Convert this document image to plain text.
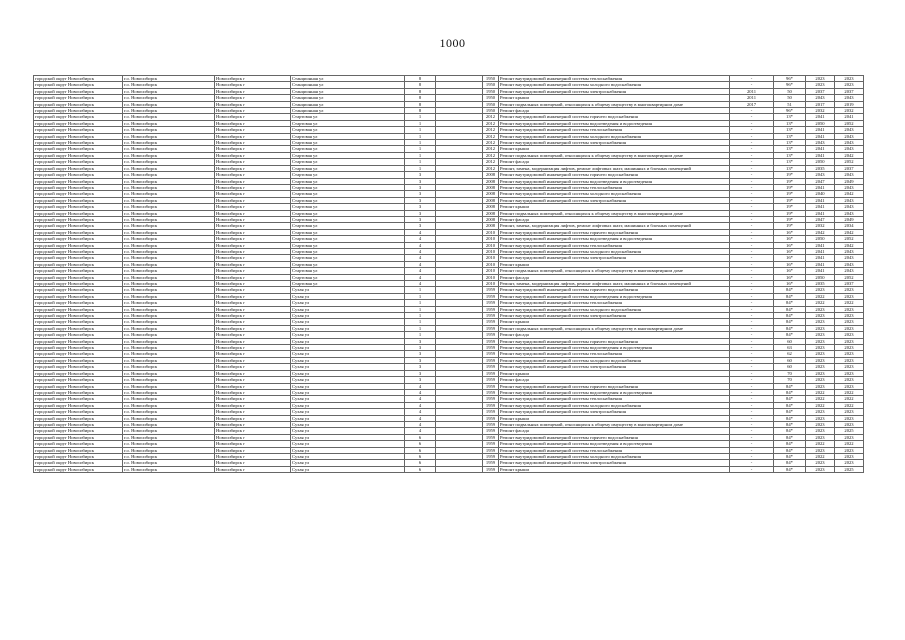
1000
городской округ Новосибирск	г.о. Новосибирск	Новосибирск г	Станционная ул	8		1950	Ремонт внутридомовой инженерной системы теплоснабжения	-	96*	2023	2023
городской округ Новосибирск	г.о. Новосибирск	Новосибирск г	Станционная ул	8		1950	Ремонт внутридомовой инженерной системы холодного водоснабжения	-	96*	2023	2023
городской округ Новосибирск	г.о. Новосибирск	Новосибирск г	Станционная ул	8		1950	Ремонт внутридомовой инженерной системы электроснабжения	2011	50	2037	2037
городской округ Новосибирск	г.о. Новосибирск	Новосибирск г	Станционная ул	8		1950	Ремонт крыши	2011	50	2043	2043
городской округ Новосибирск	г.о. Новосибирск	Новосибирск г	Станционная ул	8		1950	Ремонт подвальных помещений, относящихся к общему имуществу в многоквартирном доме	2017	51	2017	2019
городской округ Новосибирск	г.о. Новосибирск	Новосибирск г	Станционная ул	8		1950	Ремонт фасада	-	96*	2032	2032
городской округ Новосибирск	г.о. Новосибирск	Новосибирск г	Стартовая ул	1		2012	Ремонт внутридомовой инженерной системы горячего водоснабжения	-	13*	2041	2041
городской округ Новосибирск	г.о. Новосибирск	Новосибирск г	Стартовая ул	1		2012	Ремонт внутридомовой инженерной системы водоотведения и водоотведения	-	13*	2050	2052
городской округ Новосибирск	г.о. Новосибирск	Новосибирск г	Стартовая ул	1		2012	Ремонт внутридомовой инженерной системы теплоснабжения	-	13*	2041	2043
городской округ Новосибирск	г.о. Новосибирск	Новосибирск г	Стартовая ул	1		2012	Ремонт внутридомовой инженерной системы холодного водоснабжения	-	13*	2041	2043
городской округ Новосибирск	г.о. Новосибирск	Новосибирск г	Стартовая ул	1		2012	Ремонт внутридомовой инженерной системы электроснабжения	-	13*	2043	2043
городской округ Новосибирск	г.о. Новосибирск	Новосибирск г	Стартовая ул	1		2012	Ремонт крыши	-	13*	2041	2043
городской округ Новосибирск	г.о. Новосибирск	Новосибирск г	Стартовая ул	1		2012	Ремонт подвальных помещений, относящихся к общему имуществу в многоквартирном доме	-	13*	2041	2042
городской округ Новосибирск	г.о. Новосибирск	Новосибирск г	Стартовая ул	1		2012	Ремонт фасада	-	13*	2050	2052
городской округ Новосибирск	г.о. Новосибирск	Новосибирск г	Стартовая ул	1		2012	Ремонт, замена, модернизация лифтов, ремонт лифтовых шахт, машинных и блочных помещений	-	13*	2035	2037
городской округ Новосибирск	г.о. Новосибирск	Новосибирск г	Стартовая ул	3		2008	Ремонт внутридомовой инженерной системы горячего водоснабжения	-	19*	2043	2043
городской округ Новосибирск	г.о. Новосибирск	Новосибирск г	Стартовая ул	3		2008	Ремонт внутридомовой инженерной системы водоотведения и водоотведения	-	19*	2047	2049
городской округ Новосибирск	г.о. Новосибирск	Новосибирск г	Стартовая ул	3		2008	Ремонт внутридомовой инженерной системы теплоснабжения	-	19*	2041	2043
городской округ Новосибирск	г.о. Новосибирск	Новосибирск г	Стартовая ул	3		2008	Ремонт внутридомовой инженерной системы холодного водоснабжения	-	19*	2040	2042
городской округ Новосибирск	г.о. Новосибирск	Новосибирск г	Стартовая ул	3		2008	Ремонт внутридомовой инженерной системы электроснабжения	-	19*	2041	2043
городской округ Новосибирск	г.о. Новосибирск	Новосибирск г	Стартовая ул	3		2008	Ремонт крыши	-	19*	2041	2043
городской округ Новосибирск	г.о. Новосибирск	Новосибирск г	Стартовая ул	3		2008	Ремонт подвальных помещений, относящихся к общему имуществу в многоквартирном доме	-	19*	2041	2043
городской округ Новосибирск	г.о. Новосибирск	Новосибирск г	Стартовая ул	3		2008	Ремонт фасада	-	19*	2047	2049
городской округ Новосибирск	г.о. Новосибирск	Новосибирск г	Стартовая ул	3		2008	Ремонт, замена, модернизация лифтов, ремонт лифтовых шахт, машинных и блочных помещений	-	19*	2032	2034
городской округ Новосибирск	г.о. Новосибирск	Новосибирск г	Стартовая ул	4		2010	Ремонт внутридомовой инженерной системы горячего водоснабжения	-	16*	2042	2042
городской округ Новосибирск	г.о. Новосибирск	Новосибирск г	Стартовая ул	4		2010	Ремонт внутридомовой инженерной системы водоотведения и водоотведения	-	16*	2050	2052
городской округ Новосибирск	г.о. Новосибирск	Новосибирск г	Стартовая ул	4		2010	Ремонт внутридомовой инженерной системы теплоснабжения	-	16*	2041	2042
городской округ Новосибирск	г.о. Новосибирск	Новосибирск г	Стартовая ул	4		2010	Ремонт внутридомовой инженерной системы холодного водоснабжения	-	16*	2041	2043
городской округ Новосибирск	г.о. Новосибирск	Новосибирск г	Стартовая ул	4		2010	Ремонт внутридомовой инженерной системы электроснабжения	-	16*	2041	2043
городской округ Новосибирск	г.о. Новосибирск	Новосибирск г	Стартовая ул	4		2010	Ремонт крыши	-	16*	2041	2043
городской округ Новосибирск	г.о. Новосибирск	Новосибирск г	Стартовая ул	4		2010	Ремонт подвальных помещений, относящихся к общему имуществу в многоквартирном доме	-	16*	2041	2043
городской округ Новосибирск	г.о. Новосибирск	Новосибирск г	Стартовая ул	4		2010	Ремонт фасада	-	16*	2050	2052
городской округ Новосибирск	г.о. Новосибирск	Новосибирск г	Стартовая ул	4		2010	Ремонт, замена, модернизация лифтов, ремонт лифтовых шахт, машинных и блочных помещений	-	16*	2035	2037
городской округ Новосибирск	г.о. Новосибирск	Новосибирск г	Сухая ул	1		1959	Ремонт внутридомовой инженерной системы горячего водоснабжения	-	84*	2023	2023
городской округ Новосибирск	г.о. Новосибирск	Новосибирск г	Сухая ул	1		1959	Ремонт внутридомовой инженерной системы водоотведения и водоотведения	-	84*	2022	2023
городской округ Новосибирск	г.о. Новосибирск	Новосибирск г	Сухая ул	1		1959	Ремонт внутридомовой инженерной системы теплоснабжения	-	84*	2022	2022
городской округ Новосибирск	г.о. Новосибирск	Новосибирск г	Сухая ул	1		1959	Ремонт внутридомовой инженерной системы холодного водоснабжения	-	84*	2023	2023
городской округ Новосибирск	г.о. Новосибирск	Новосибирск г	Сухая ул	1		1959	Ремонт внутридомовой инженерной системы электроснабжения	-	84*	2023	2023
городской округ Новосибирск	г.о. Новосибирск	Новосибирск г	Сухая ул	1		1959	Ремонт крыши	-	84*	2023	2023
городской округ Новосибирск	г.о. Новосибирск	Новосибирск г	Сухая ул	1		1959	Ремонт подвальных помещений, относящихся к общему имуществу в многоквартирном доме	-	84*	2023	2023
городской округ Новосибирск	г.о. Новосибирск	Новосибирск г	Сухая ул	1		1959	Ремонт фасада	-	84*	2023	2023
городской округ Новосибирск	г.о. Новосибирск	Новосибирск г	Сухая ул	3		1959	Ремонт внутридомовой инженерной системы горячего водоснабжения	-	60	2023	2023
городской округ Новосибирск	г.о. Новосибирск	Новосибирск г	Сухая ул	3		1959	Ремонт внутридомовой инженерной системы водоотведения и водоотведения	-	63	2023	2023
городской округ Новосибирск	г.о. Новосибирск	Новосибирск г	Сухая ул	3		1959	Ремонт внутридомовой инженерной системы теплоснабжения	-	62	2023	2023
городской округ Новосибирск	г.о. Новосибирск	Новосибирск г	Сухая ул	3		1959	Ремонт внутридомовой инженерной системы холодного водоснабжения	-	60	2023	2023
городской округ Новосибирск	г.о. Новосибирск	Новосибирск г	Сухая ул	3		1959	Ремонт внутридомовой инженерной системы электроснабжения	-	60	2023	2023
городской округ Новосибирск	г.о. Новосибирск	Новосибирск г	Сухая ул	3		1959	Ремонт крыши	-	70	2023	2023
городской округ Новосибирск	г.о. Новосибирск	Новосибирск г	Сухая ул	3		1959	Ремонт фасада	-	70	2023	2023
городской округ Новосибирск	г.о. Новосибирск	Новосибирск г	Сухая ул	4		1959	Ремонт внутридомовой инженерной системы горячего водоснабжения	-	84*	2023	2023
городской округ Новосибирск	г.о. Новосибирск	Новосибирск г	Сухая ул	4		1959	Ремонт внутридомовой инженерной системы водоотведения и водоотведения	-	84*	2022	2022
городской округ Новосибирск	г.о. Новосибирск	Новосибирск г	Сухая ул	4		1959	Ремонт внутридомовой инженерной системы теплоснабжения	-	84*	2022	2022
городской округ Новосибирск	г.о. Новосибирск	Новосибирск г	Сухая ул	4		1959	Ремонт внутридомовой инженерной системы холодного водоснабжения	-	84*	2022	2022
городской округ Новосибирск	г.о. Новосибирск	Новосибирск г	Сухая ул	4		1959	Ремонт внутридомовой инженерной системы электроснабжения	-	84*	2023	2023
городской округ Новосибирск	г.о. Новосибирск	Новосибирск г	Сухая ул	4		1959	Ремонт крыши	-	84*	2023	2023
городской округ Новосибирск	г.о. Новосибирск	Новосибирск г	Сухая ул	4		1959	Ремонт подвальных помещений, относящихся к общему имуществу в многоквартирном доме	-	84*	2023	2023
городской округ Новосибирск	г.о. Новосибирск	Новосибирск г	Сухая ул	4		1959	Ремонт фасада	-	84*	2023	2025
городской округ Новосибирск	г.о. Новосибирск	Новосибирск г	Сухая ул	6		1959	Ремонт внутридомовой инженерной системы горячего водоснабжения	-	84*	2023	2023
городской округ Новосибирск	г.о. Новосибирск	Новосибирск г	Сухая ул	6		1959	Ремонт внутридомовой инженерной системы водоотведения и водоотведения	-	84*	2022	2022
городской округ Новосибирск	г.о. Новосибирск	Новосибирск г	Сухая ул	6		1959	Ремонт внутридомовой инженерной системы теплоснабжения	-	84*	2023	2023
городской округ Новосибирск	г.о. Новосибирск	Новосибирск г	Сухая ул	6		1959	Ремонт внутридомовой инженерной системы холодного водоснабжения	-	84*	2022	2023
городской округ Новосибирск	г.о. Новосибирск	Новосибирск г	Сухая ул	6		1959	Ремонт внутридомовой инженерной системы электроснабжения	-	84*	2023	2023
городской округ Новосибирск	г.о. Новосибирск	Новосибирск г	Сухая ул	6		1959	Ремонт крыши	-	84*	2023	2025
